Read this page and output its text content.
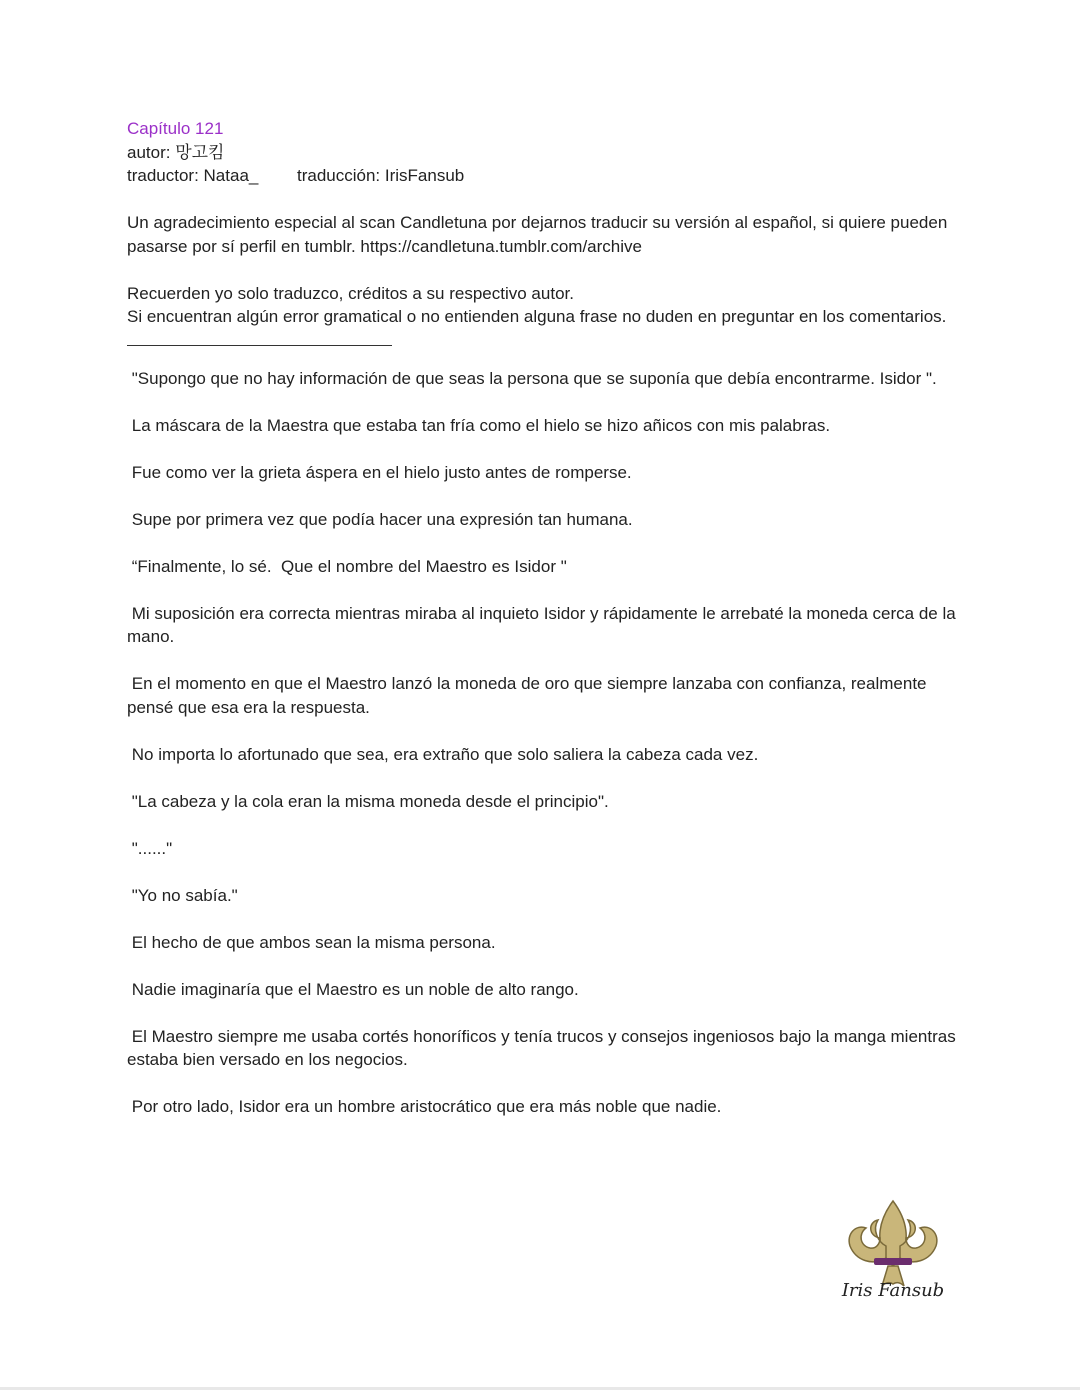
Capítulo 121

autor: 망고킴

traductor: Nataa_	traducción: IrisFansub

Un agradecimiento especial al scan Candletuna por dejarnos traducir su versión al español, si quiere pueden pasarse por sí perfil en tumblr. https://candletuna.tumblr.com/archive

Recuerden yo solo traduzco, créditos a su respectivo autor.

Si encuentran algún error gramatical o no entienden alguna frase no duden en preguntar en los comentarios.

"Supongo que no hay información de que seas la persona que se suponía que debía encontrarme. Isidor ".

La máscara de la Maestra que estaba tan fría como el hielo se hizo añicos con mis palabras.

Fue como ver la grieta áspera en el hielo justo antes de romperse.

Supe por primera vez que podía hacer una expresión tan humana.

“Finalmente, lo sé.  Que el nombre del Maestro es Isidor "

Mi suposición era correcta mientras miraba al inquieto Isidor y rápidamente le arrebaté la moneda cerca de la mano.

En el momento en que el Maestro lanzó la moneda de oro que siempre lanzaba con confianza, realmente pensé que esa era la respuesta.

No importa lo afortunado que sea, era extraño que solo saliera la cabeza cada vez.

"La cabeza y la cola eran la misma moneda desde el principio".

"......"

"Yo no sabía."

El hecho de que ambos sean la misma persona.

Nadie imaginaría que el Maestro es un noble de alto rango.

El Maestro siempre me usaba cortés honoríficos y tenía trucos y consejos ingeniosos bajo la manga mientras estaba bien versado en los negocios.

Por otro lado, Isidor era un hombre aristocrático que era más noble que nadie.

Iris Fansub
